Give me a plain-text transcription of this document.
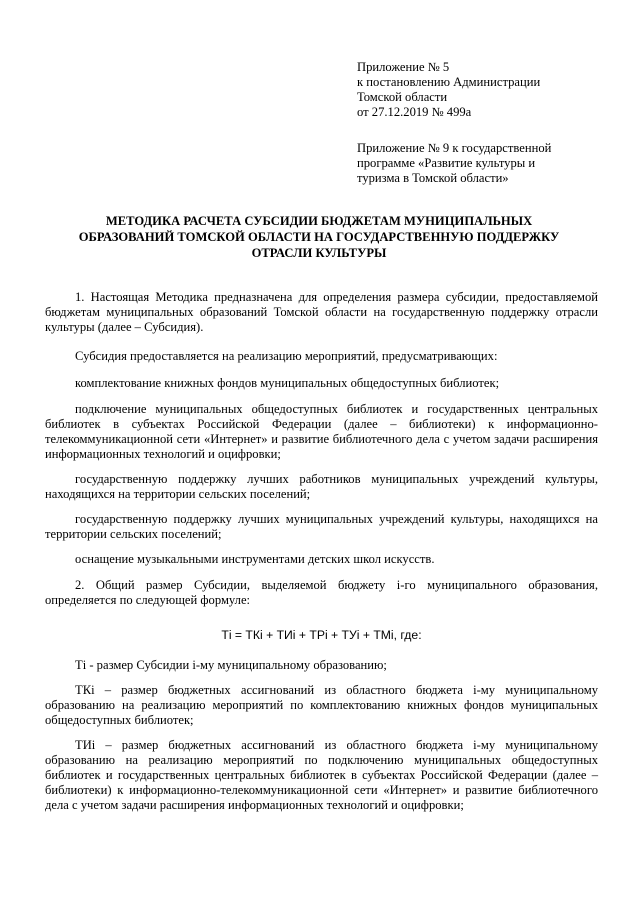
Приложение № 5
к постановлению Администрации
Томской области
от 27.12.2019 № 499а
Приложение № 9 к государственной
программе «Развитие культуры и
туризма в Томской области»
МЕТОДИКА РАСЧЕТА СУБСИДИИ БЮДЖЕТАМ МУНИЦИПАЛЬНЫХ
ОБРАЗОВАНИЙ ТОМСКОЙ ОБЛАСТИ НА ГОСУДАРСТВЕННУЮ ПОДДЕРЖКУ
ОТРАСЛИ КУЛЬТУРЫ
1. Настоящая Методика предназначена для определения размера субсидии, предоставляемой бюджетам муниципальных образований Томской области на государственную поддержку отрасли культуры (далее – Субсидия).
Субсидия предоставляется на реализацию мероприятий, предусматривающих:
комплектование книжных фондов муниципальных общедоступных библиотек;
подключение муниципальных общедоступных библиотек и государственных центральных библиотек в субъектах Российской Федерации (далее – библиотеки) к информационно-телекоммуникационной сети «Интернет» и развитие библиотечного дела с учетом задачи расширения информационных технологий и оцифровки;
государственную поддержку лучших работников муниципальных учреждений культуры, находящихся на территории сельских поселений;
государственную поддержку лучших муниципальных учреждений культуры, находящихся на территории сельских поселений;
оснащение музыкальными инструментами детских школ искусств.
2. Общий размер Субсидии, выделяемой бюджету i-го муниципального образования, определяется по следующей формуле:
Тi = ТКi + ТИi + ТРi + ТУi + ТМi, где:
Тi - размер Субсидии i-му муниципальному образованию;
ТКi – размер бюджетных ассигнований из областного бюджета i-му муниципальному образованию на реализацию мероприятий по комплектованию книжных фондов муниципальных общедоступных библиотек;
ТИi – размер бюджетных ассигнований из областного бюджета i-му муниципальному образованию на реализацию мероприятий по подключению муниципальных общедоступных библиотек и государственных центральных библиотек в субъектах Российской Федерации (далее – библиотеки) к информационно-телекоммуникационной сети «Интернет» и развитие библиотечного дела с учетом задачи расширения информационных технологий и оцифровки;
